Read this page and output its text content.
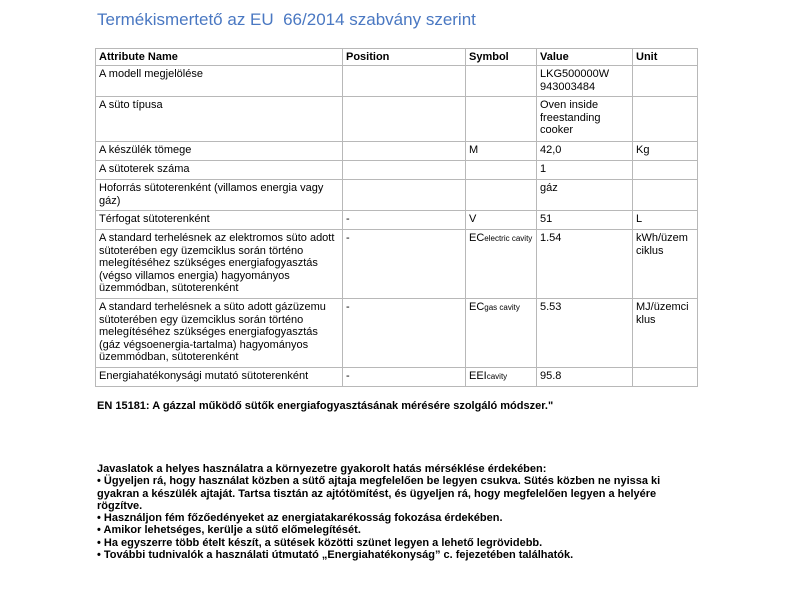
Termékismertető az EU  66/2014 szabvány szerint
Attribute Name	Position	Symbol	Value	Unit
A modell megjelölése			LKG500000W 943003484	
A süto típusa			Oven inside freestanding cooker	
A készülék tömege		M	42,0	Kg
A sütoterek száma			1	
Hoforrás sütoterenként (villamos energia vagy gáz)			gáz	
Térfogat sütoterenként	-	V	51	L
A standard terhelésnek az elektromos süto adott sütoterében egy üzemciklus során történo melegítéséhez szükséges energiafogyasztás (végso villamos energia) hagyományos üzemmódban, sütoterenként	-	ECelectric cavity	1.54	kWh/üzem ciklus
A standard terhelésnek a süto adott gázüzemu sütoterében egy üzemciklus során történo melegítéséhez szükséges energiafogyasztás (gáz végsoenergia-tartalma) hagyományos üzemmódban, sütoterenként	-	ECgas cavity	5.53	MJ/üzemci klus
Energiahatékonysági mutató sütoterenként	-	EEIcavity	95.8	
EN 15181: A gázzal működő sütők energiafogyasztásának mérésére szolgáló módszer."
Javaslatok a helyes használatra a környezetre gyakorolt hatás mérséklése érdekében:
• Ügyeljen rá, hogy használat közben a sütő ajtaja megfelelően be legyen csukva. Sütés közben ne nyissa ki gyakran a készülék ajtaját. Tartsa tisztán az ajtótömítést, és ügyeljen rá, hogy megfelelően legyen a helyére rögzítve.
• Használjon fém főzőedényeket az energiatakarékosság fokozása érdekében.
• Amikor lehetséges, kerülje a sütő előmelegítését.
• Ha egyszerre több ételt készít, a sütések közötti szünet legyen a lehető legrövidebb.
• További tudnivalók a használati útmutató „Energiahatékonyság” c. fejezetében találhatók.
